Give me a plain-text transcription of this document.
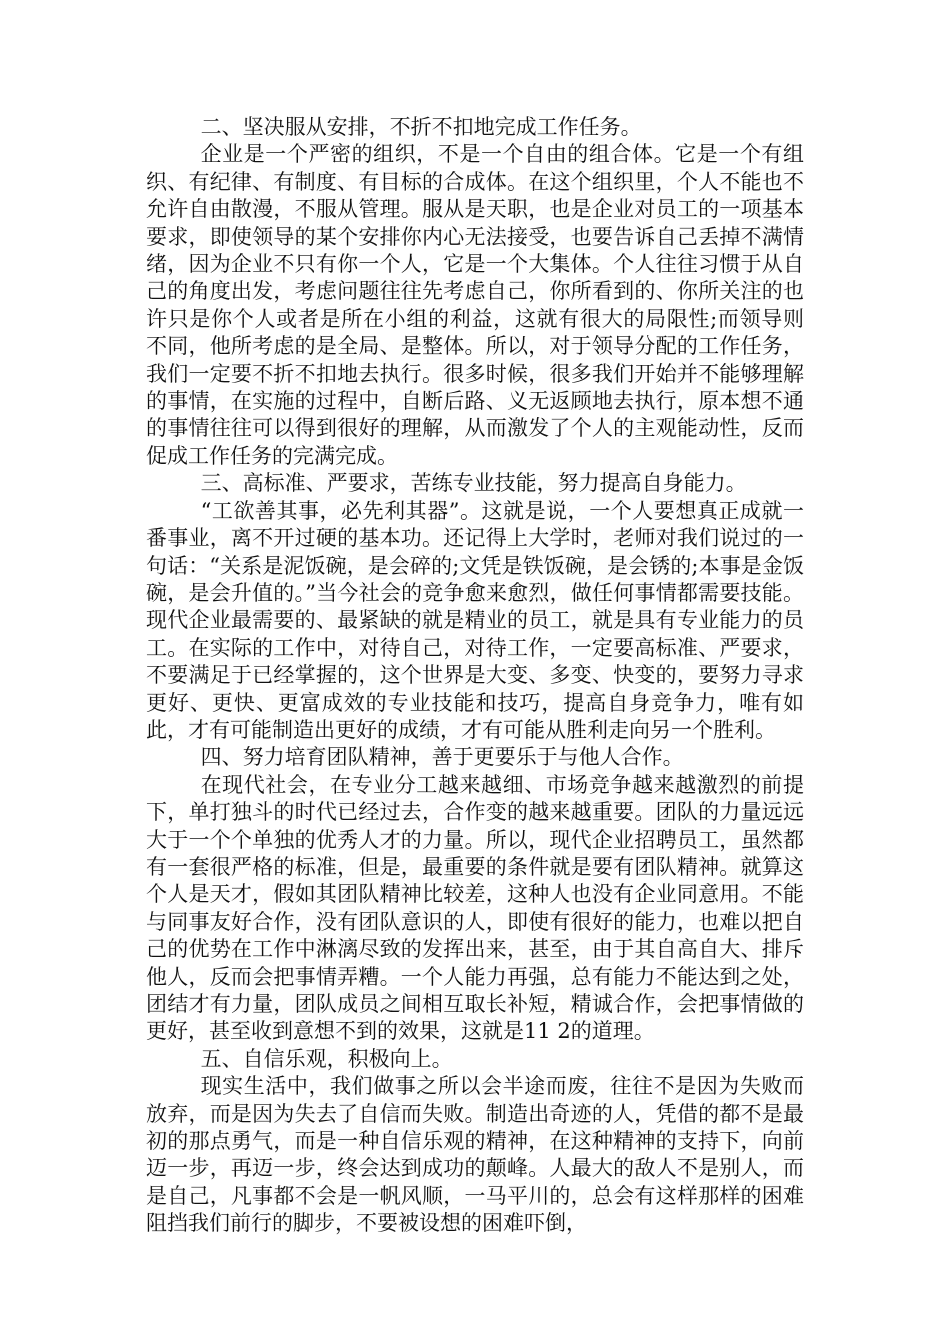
二、坚决服从安排，不折不扣地完成工作任务。

企业是一个严密的组织，不是一个自由的组合体。它是一个有组织、有纪律、有制度、有目标的合成体。在这个组织里，个人不能也不允许自由散漫，不服从管理。服从是天职，也是企业对员工的一项基本要求，即使领导的某个安排你内心无法接受，也要告诉自己丢掉不满情绪，因为企业不只有你一个人，它是一个大集体。个人往往习惯于从自己的角度出发，考虑问题往往先考虑自己，你所看到的、你所关注的也许只是你个人或者是所在小组的利益，这就有很大的局限性;而领导则不同，他所考虑的是全局、是整体。所以，对于领导分配的工作任务，我们一定要不折不扣地去执行。很多时候，很多我们开始并不能够理解的事情，在实施的过程中，自断后路、义无返顾地去执行，原本想不通的事情往往可以得到很好的理解，从而激发了个人的主观能动性，反而促成工作任务的完满完成。

三、高标准、严要求，苦练专业技能，努力提高自身能力。

“工欲善其事，必先利其器”。这就是说，一个人要想真正成就一番事业，离不开过硬的基本功。还记得上大学时，老师对我们说过的一句话：“关系是泥饭碗，是会碎的;文凭是铁饭碗，是会锈的;本事是金饭碗，是会升值的。”当今社会的竞争愈来愈烈，做任何事情都需要技能。现代企业最需要的、最紧缺的就是精业的员工，就是具有专业能力的员工。在实际的工作中，对待自己，对待工作，一定要高标准、严要求，不要满足于已经掌握的，这个世界是大变、多变、快变的，要努力寻求更好、更快、更富成效的专业技能和技巧，提高自身竞争力，唯有如此，才有可能制造出更好的成绩，才有可能从胜利走向另一个胜利。

四、努力培育团队精神，善于更要乐于与他人合作。

在现代社会，在专业分工越来越细、市场竞争越来越激烈的前提下，单打独斗的时代已经过去，合作变的越来越重要。团队的力量远远大于一个个单独的优秀人才的力量。所以，现代企业招聘员工，虽然都有一套很严格的标准，但是，最重要的条件就是要有团队精神。就算这个人是天才，假如其团队精神比较差，这种人也没有企业同意用。不能与同事友好合作，没有团队意识的人，即使有很好的能力，也难以把自己的优势在工作中淋漓尽致的发挥出来，甚至，由于其自高自大、排斥他人，反而会把事情弄糟。一个人能力再强，总有能力不能达到之处，团结才有力量，团队成员之间相互取长补短，精诚合作，会把事情做的更好，甚至收到意想不到的效果，这就是11 2的道理。

五、自信乐观，积极向上。

现实生活中，我们做事之所以会半途而废，往往不是因为失败而放弃，而是因为失去了自信而失败。制造出奇迹的人，凭借的都不是最初的那点勇气，而是一种自信乐观的精神，在这种精神的支持下，向前迈一步，再迈一步，终会达到成功的颠峰。人最大的敌人不是别人，而是自己，凡事都不会是一帆风顺，一马平川的，总会有这样那样的困难阻挡我们前行的脚步，不要被设想的困难吓倒，
